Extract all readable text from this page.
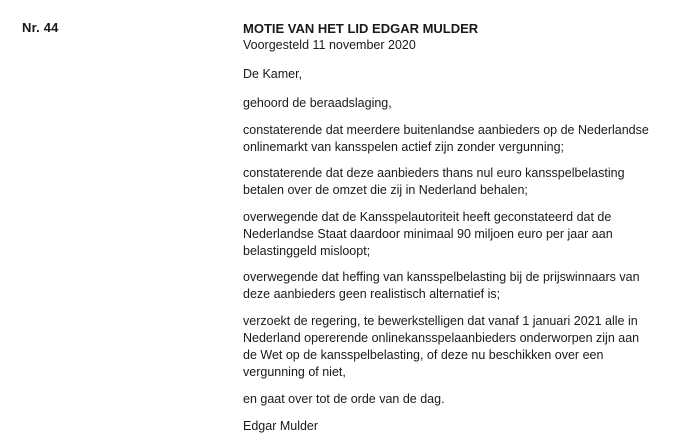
Nr. 44	MOTIE VAN HET LID EDGAR MULDER

Voorgesteld 11 november 2020

De Kamer,

gehoord de beraadslaging,

constaterende dat meerdere buitenlandse aanbieders op de Nederlandse
onlinemarkt van kansspelen actief zijn zonder vergunning;

constaterende dat deze aanbieders thans nul euro kansspelbelasting
betalen over de omzet die zij in Nederland behalen;

overwegende dat de Kansspelautoriteit heeft geconstateerd dat de
Nederlandse Staat daardoor minimaal 90 miljoen euro per jaar aan
belastinggeld misloopt;

overwegende dat heffing van kansspelbelasting bij de prijswinnaars van
deze aanbieders geen realistisch alternatief is;

verzoekt de regering, te bewerkstelligen dat vanaf 1 januari 2021 alle in
Nederland opererende onlinekansspelaanbieders onderworpen zijn aan
de Wet op de kansspelbelasting, of deze nu beschikken over een
vergunning of niet,

en gaat over tot de orde van de dag.

Edgar Mulder
